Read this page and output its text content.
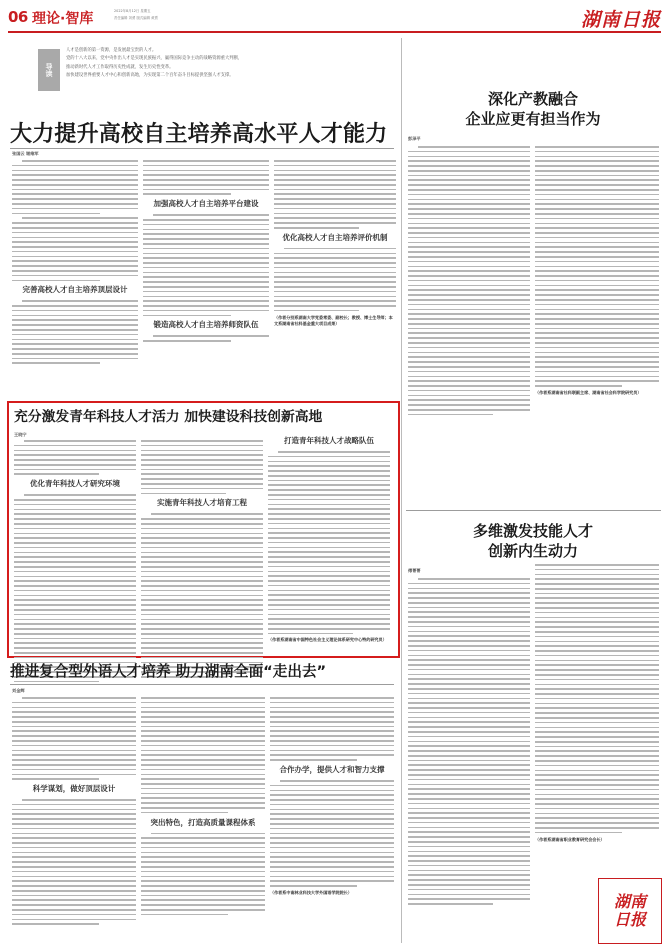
06 理论·智库	2022年8月12日 星期五
责任编辑 刘勇 版式编辑 黄熹	湖南日报
导读
人才是创新的第一资源，是发展最宝贵的人才。
党的十八大以来，党中央作出人才是实现民族振兴、赢得国际竞争主动的战略资源重大判断，
推动新时代人才工作取得历史性成就、发生历史性变革。
加快建设世界重要人才中心和创新高地，为实现第二个百年奋斗目标提供坚强人才支撑。
大力提升高校自主培养高水平人才能力
张国云 谢维军
完善高校人才自主培养顶层设计
加强高校人才自主培养平台建设
锻造高校人才自主培养师资队伍
优化高校人才自主培养评价机制
（作者分别系湖南大学党委常委、副校长；教授、博士生导师；本文系湖南省社科基金重大项目成果）
充分激发青年科技人才活力 加快建设科技创新高地
王晓宁
优化青年科技人才研究环境
实施青年科技人才培育工程
打造青年科技人才战略队伍
（作者系湖南省中国特色社会主义理论体系研究中心特约研究员）
推进复合型外语人才培养 助力湖南全面“走出去”
刘金辉
科学谋划，做好顶层设计
突出特色，打造高质量课程体系
合作办学，提供人才和智力支撑
（作者系中南林业科技大学外国语学院院长）
深化产教融合
企业应更有担当作为
彭泽平
（作者系湖南省社科联副主席、湖南省社会科学院研究员）
多维激发技能人才
创新内生动力
傅菁菁
（作者系湖南省职业教育研究会会长）
湖南
日报
